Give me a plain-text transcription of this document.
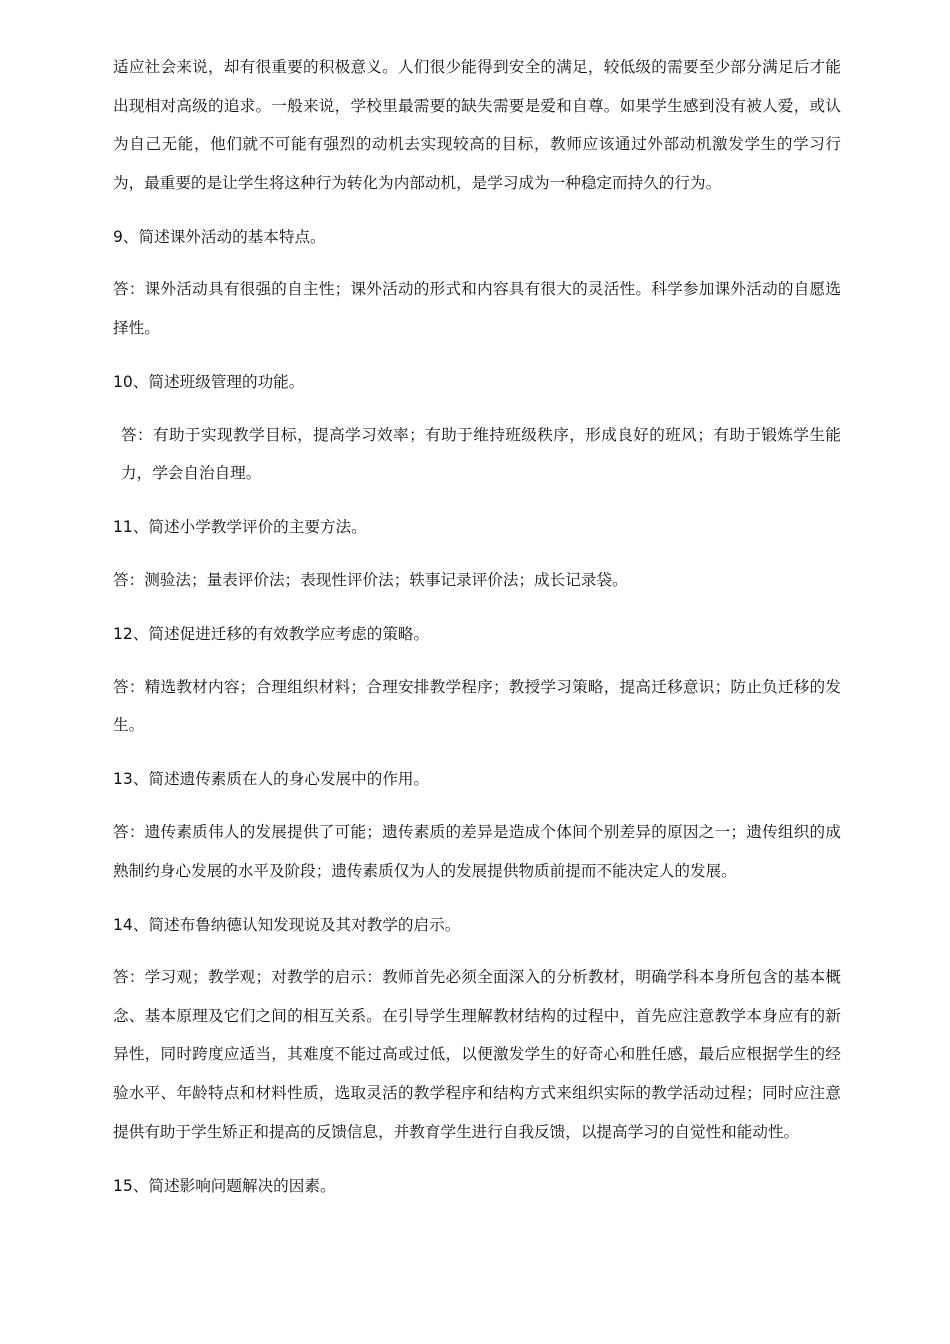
适应社会来说，却有很重要的积极意义。人们很少能得到安全的满足，较低级的需要至少部分满足后才能出现相对高级的追求。一般来说，学校里最需要的缺失需要是爱和自尊。如果学生感到没有被人爱，或认为自己无能，他们就不可能有强烈的动机去实现较高的目标，教师应该通过外部动机激发学生的学习行为，最重要的是让学生将这种行为转化为内部动机，是学习成为一种稳定而持久的行为。

9、简述课外活动的基本特点。

答：课外活动具有很强的自主性；课外活动的形式和内容具有很大的灵活性。科学参加课外活动的自愿选择性。

10、简述班级管理的功能。

答：有助于实现教学目标，提高学习效率；有助于维持班级秩序，形成良好的班风；有助于锻炼学生能力，学会自治自理。

11、简述小学教学评价的主要方法。

答：测验法；量表评价法；表现性评价法；轶事记录评价法；成长记录袋。

12、简述促进迁移的有效教学应考虑的策略。

答：精选教材内容；合理组织材料；合理安排教学程序；教授学习策略，提高迁移意识；防止负迁移的发生。

13、简述遗传素质在人的身心发展中的作用。

答：遗传素质伟人的发展提供了可能；遗传素质的差异是造成个体间个别差异的原因之一；遗传组织的成熟制约身心发展的水平及阶段；遗传素质仅为人的发展提供物质前提而不能决定人的发展。

14、简述布鲁纳德认知发现说及其对教学的启示。

答：学习观；教学观；对教学的启示：教师首先必须全面深入的分析教材，明确学科本身所包含的基本概念、基本原理及它们之间的相互关系。在引导学生理解教材结构的过程中，首先应注意教学本身应有的新异性，同时跨度应适当，其难度不能过高或过低，以便激发学生的好奇心和胜任感，最后应根据学生的经验水平、年龄特点和材料性质，选取灵活的教学程序和结构方式来组织实际的教学活动过程；同时应注意提供有助于学生矫正和提高的反馈信息，并教育学生进行自我反馈，以提高学习的自觉性和能动性。

15、简述影响问题解决的因素。
